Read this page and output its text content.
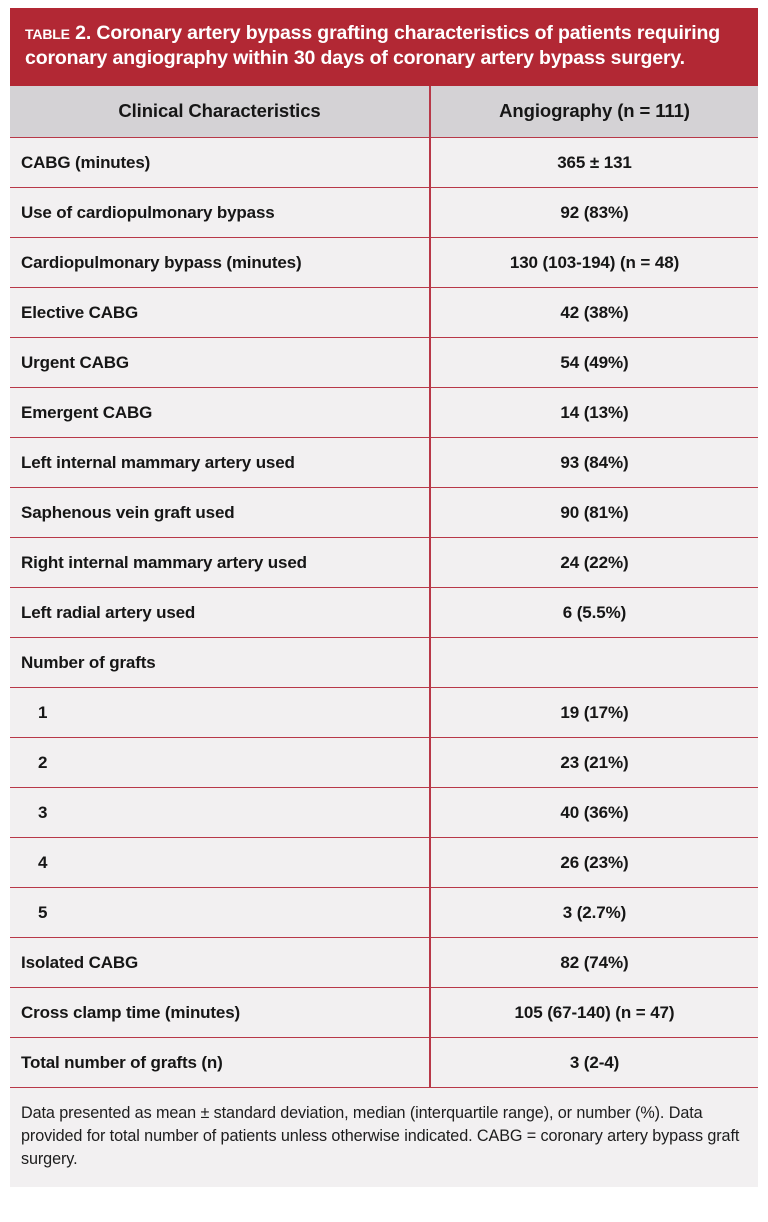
table 2. Coronary artery bypass grafting characteristics of patients requiring coronary angiography within 30 days of coronary artery bypass surgery.
Clinical Characteristics	Angiography (n = 111)
CABG (minutes)	365 ± 131
Use of cardiopulmonary bypass	92 (83%)
Cardiopulmonary bypass (minutes)	130 (103-194) (n = 48)
Elective CABG	42 (38%)
Urgent CABG	54 (49%)
Emergent CABG	14 (13%)
Left internal mammary artery used	93 (84%)
Saphenous vein graft used	90 (81%)
Right internal mammary artery used	24 (22%)
Left radial artery used	6 (5.5%)
Number of grafts	
1	19 (17%)
2	23 (21%)
3	40 (36%)
4	26 (23%)
5	3 (2.7%)
Isolated CABG	82 (74%)
Cross clamp time (minutes)	105 (67-140) (n = 47)
Total number of grafts (n)	3 (2-4)
Data presented as mean ± standard deviation, median (interquartile range), or number (%). Data provided for total number of patients unless otherwise indicated. CABG = coronary artery bypass graft surgery.
